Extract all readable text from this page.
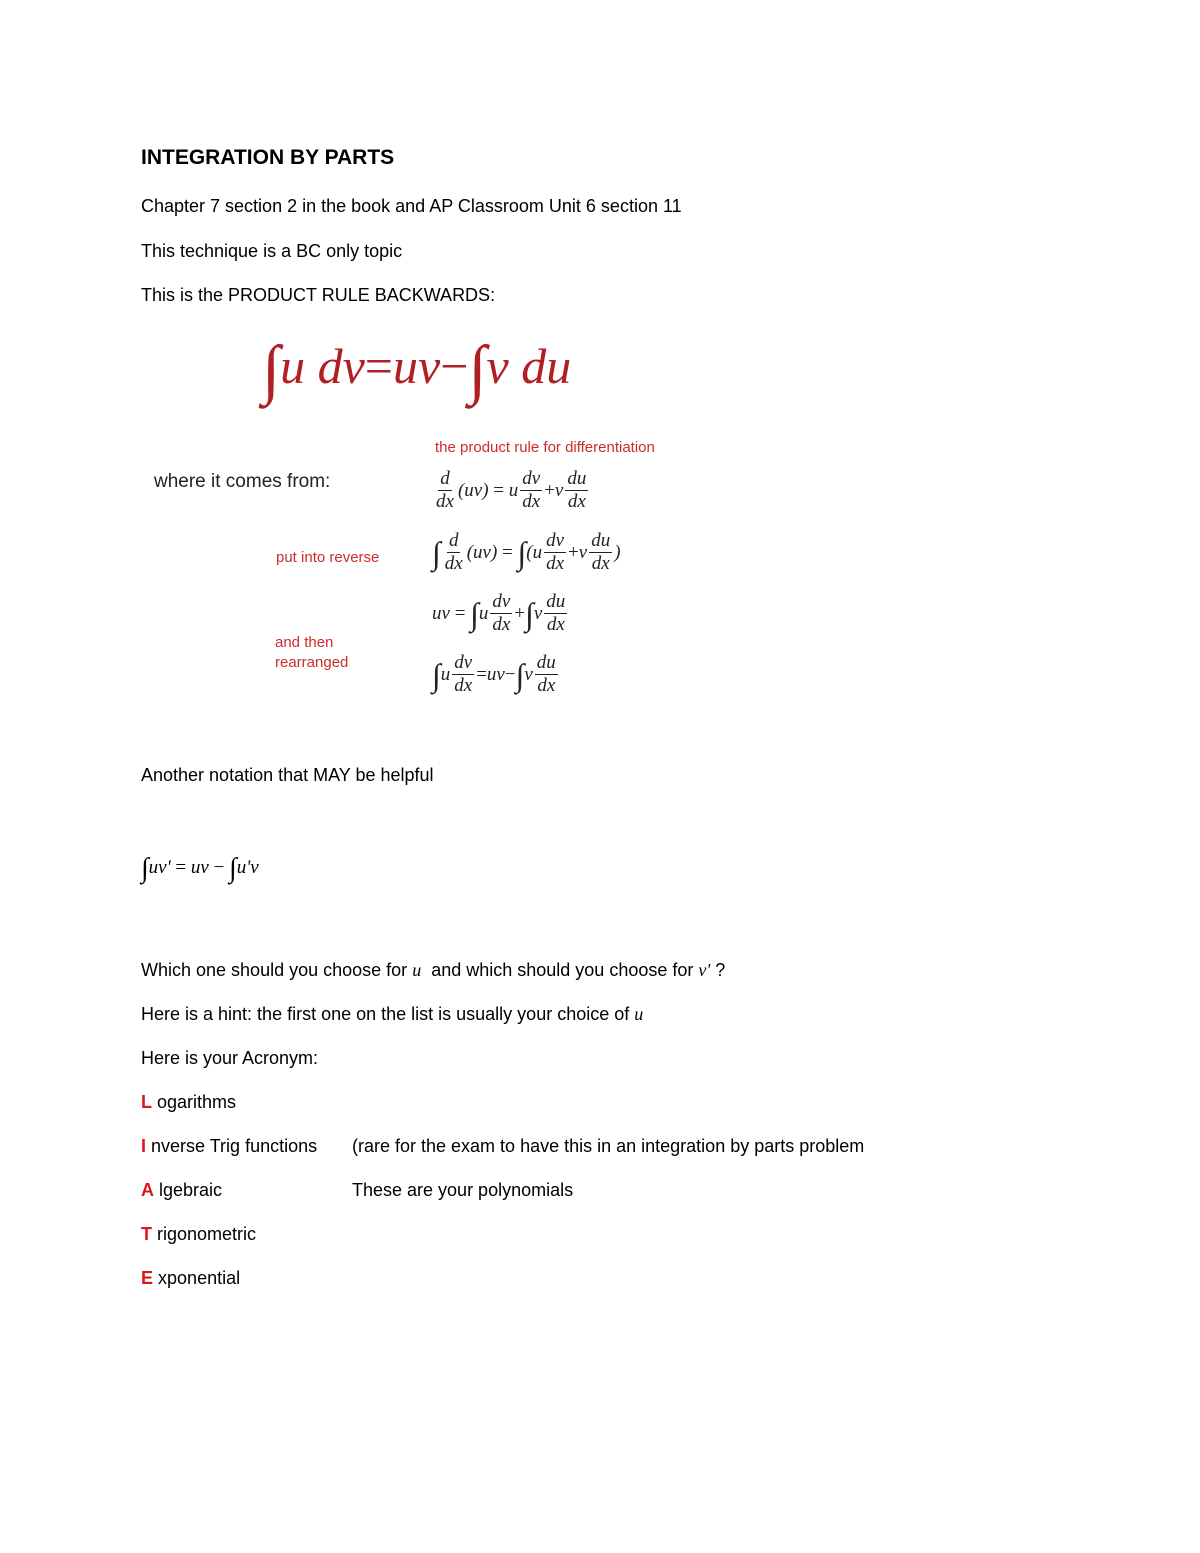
INTEGRATION BY PARTS
Chapter 7 section 2 in the book and AP Classroom Unit 6 section 11
This technique is a BC only topic
This is the PRODUCT RULE BACKWARDS:
∫u dv=uv−∫v du
the product rule for differentiation
where it comes from:
put into reverse
and then
rearranged
$\frac{d}{dx} (uv)$
=
u $\frac{dv}{dx} + v \frac{du}{dx}$
∫ $\frac{d}{dx} (uv)$
=
∫ ($u \frac{dv}{dx} + v \frac{du}{dx}$ )
uv
=
∫ u $\frac{dv}{dx}$ + ∫ v $\frac{du}{dx}$
∫ u $\frac{dv}{dx}$ = uv − ∫ v $\frac{du}{dx}$
Another notation that MAY be helpful
∫uv' = uv − ∫u'v
Which one should you choose for u and which should you choose for v' ?
Here is a hint: the first one on the list is usually your choice of u
Here is your Acronym:
L ogarithms
I nverse Trig functions (rare for the exam to have this in an integration by parts problem
A lgebraic	These are your polynomials
T rigonometric
E xponential
